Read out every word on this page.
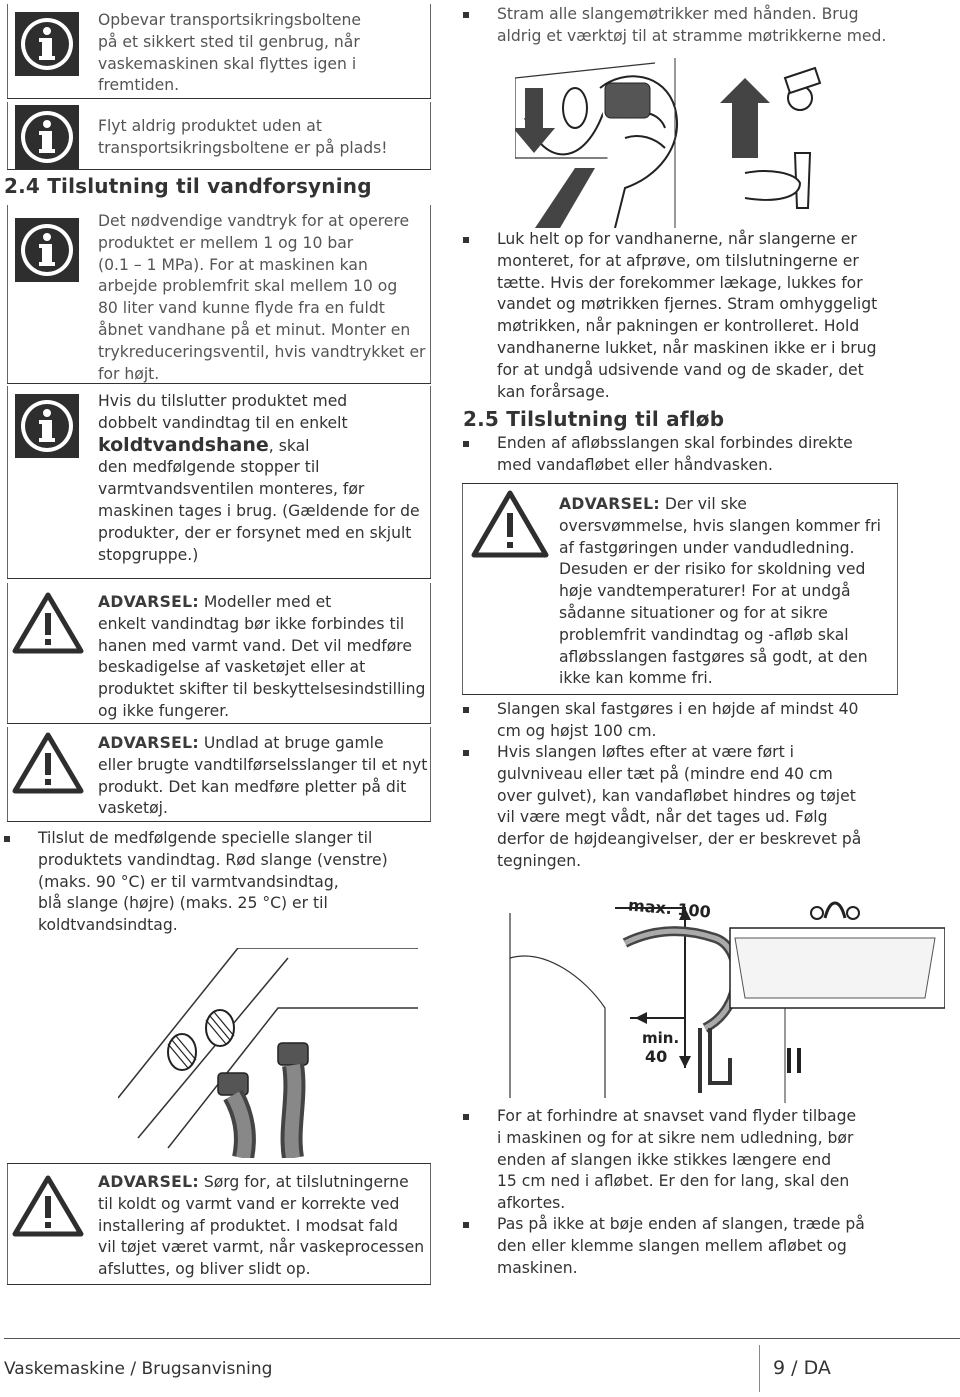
Opbevar transportsikringsboltene
på et sikkert sted til genbrug, når
vaskemaskinen skal flyttes igen i
fremtiden.
Flyt aldrig produktet uden at
transportsikringsboltene er på plads!
2.4 Tilslutning til vandforsyning
Det nødvendige vandtryk for at operere
produktet er mellem 1 og 10 bar
(0.1 – 1 MPa). For at maskinen kan
arbejde problemfrit skal mellem 10 og
80 liter vand kunne flyde fra en fuldt
åbnet vandhane på et minut. Monter en
trykreduceringsventil, hvis vandtrykket er
for højt.
Hvis du tilslutter produktet med
dobbelt vandindtag til en enkelt
koldtvandshane, skal
den medfølgende stopper til
varmtvandsventilen monteres, før
maskinen tages i brug. (Gældende for de
produkter, der er forsynet med en skjult
stopgruppe.)
ADVARSEL: Modeller med et
enkelt vandindtag bør ikke forbindes til
hanen med varmt vand. Det vil medføre
beskadigelse af vasketøjet eller at
produktet skifter til beskyttelsesindstilling
og ikke fungerer.
ADVARSEL: Undlad at bruge gamle
eller brugte vandtilførselsslanger til et nyt
produkt. Det kan medføre pletter på dit
vasketøj.
Tilslut de medfølgende specielle slanger til
produktets vandindtag. Rød slange (venstre)
(maks. 90 °C) er til varmtvandsindtag,
blå slange (højre) (maks. 25 °C) er til
koldtvandsindtag.
ADVARSEL: Sørg for, at tilslutningerne
til koldt og varmt vand er korrekte ved
installering af produktet. I modsat fald
vil tøjet været varmt, når vaskeprocessen
afsluttes, og bliver slidt op.
Stram alle slangemøtrikker med hånden. Brug
aldrig et værktøj til at stramme møtrikkerne med.
Luk helt op for vandhanerne, når slangerne er
monteret, for at afprøve, om tilslutningerne er
tætte. Hvis der forekommer lækage, lukkes for
vandet og møtrikken fjernes. Stram omhyggeligt
møtrikken, når pakningen er kontrolleret. Hold
vandhanerne lukket, når maskinen ikke er i brug
for at undgå udsivende vand og de skader, det
kan forårsage.
2.5 Tilslutning til afløb
Enden af afløbsslangen skal forbindes direkte
med vandafløbet eller håndvasken.
ADVARSEL: Der vil ske
oversvømmelse, hvis slangen kommer fri
af fastgøringen under vandudledning.
Desuden er der risiko for skoldning ved
høje vandtemperaturer! For at undgå
sådanne situationer og for at sikre
problemfrit vandindtag og -afløb skal
afløbsslangen fastgøres så godt, at den
ikke kan komme fri.
Slangen skal fastgøres i en højde af mindst 40
cm og højst 100 cm.
Hvis slangen løftes efter at være ført i
gulvniveau eller tæt på (mindre end 40 cm
over gulvet), kan vandafløbet hindres og tøjet
vil være megt vådt, når det tages ud. Følg
derfor de højdeangivelser, der er beskrevet på
tegningen.
max. 100
min.
40
For at forhindre at snavset vand flyder tilbage
i maskinen og for at sikre nem udledning, bør
enden af slangen ikke stikkes længere end
15 cm ned i afløbet. Er den for lang, skal den
afkortes.
Pas på ikke at bøje enden af slangen, træde på
den eller klemme slangen mellem afløbet og
maskinen.
Vaskemaskine / Brugsanvisning	9 / DA
